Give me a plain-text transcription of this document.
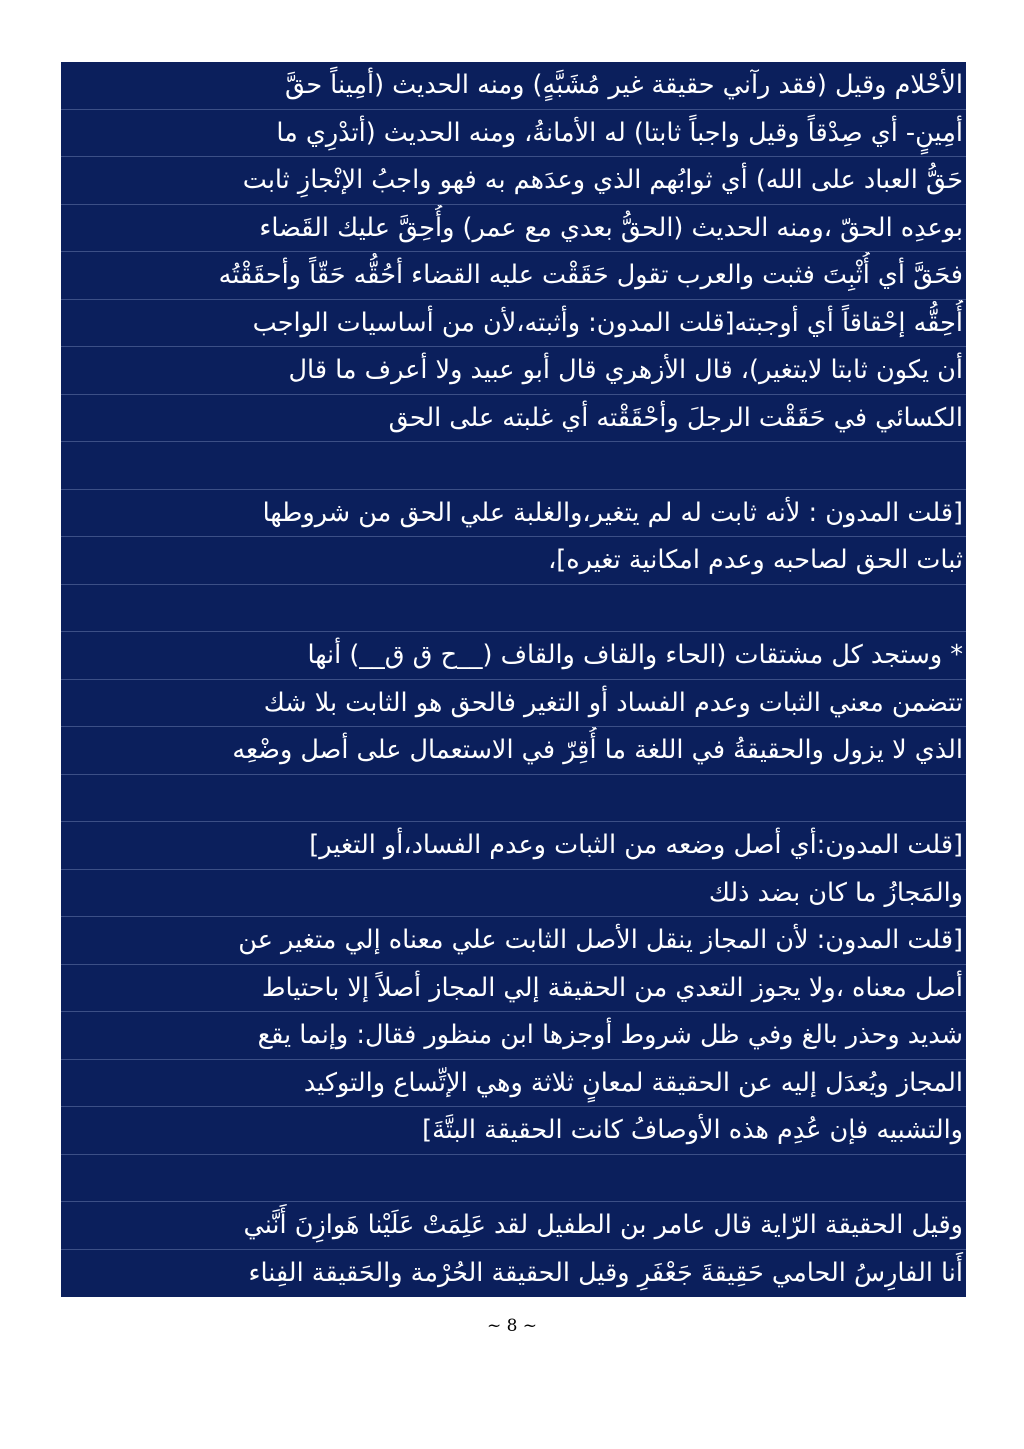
الأحْلام وقيل (فقد رآني حقيقة غير مُشَبَّهٍ) ومنه الحديث (أمِيناً حقَّ
أمِينٍ- أي صِدْقاً وقيل واجباً ثابتا) له الأمانةُ، ومنه الحديث (أتدْرِي ما
حَقُّ العباد على الله) أي ثوابُهم الذي وعدَهم به فهو واجبُ الإنْجازِ ثابت
بوعدِه الحقّ ،ومنه الحديث (الحقُّ بعدي مع عمر) وأُحِقَّ عليك القَضاء
فحَقَّ أي أُثْبِتَ فثبت والعرب تقول حَقَقْت عليه القضاء أحُقُّه حَقّاً وأحقَقْتُه
أُحِقُّه إحْقاقاً أي أوجبته[قلت المدون: وأثبته،لأن من أساسيات الواجب
أن يكون ثابتا لايتغير)، قال الأزهري قال أبو عبيد ولا أعرف ما قال
الكسائي في حَقَقْت الرجلَ وأحْقَقْته أي غلبته على الحق
[قلت المدون : لأنه ثابت له لم يتغير،والغلبة علي الحق من شروطها
ثبات الحق لصاحبه وعدم امكانية تغيره]،
* وستجد كل مشتقات (الحاء والقاف والقاف (__ح ق ق__) أنها
تتضمن معني الثبات وعدم الفساد أو التغير فالحق هو الثابت بلا شك
الذي لا يزول والحقيقةُ في اللغة ما أُقِرّ في الاستعمال على أصل وضْعِه
[قلت المدون:أي أصل وضعه من الثبات وعدم الفساد،أو التغير]
والمَجازُ ما كان بضد ذلك
[قلت المدون: لأن المجاز ينقل الأصل الثابت علي معناه إلي متغير عن
أصل معناه ،ولا يجوز التعدي من الحقيقة إلي المجاز أصلاً إلا باحتياط
شديد وحذر بالغ وفي ظل شروط أوجزها ابن منظور فقال: وإنما يقع
المجاز ويُعدَل إليه عن الحقيقة لمعانٍ ثلاثة وهي الإتِّساع والتوكيد
والتشبيه فإن عُدِم هذه الأوصافُ كانت الحقيقة البتَّةَ]
وقيل الحقيقة الرّاية قال عامر بن الطفيل لقد عَلِمَتْ عَلَيْنا هَوازِنَ أَنَّني
أَنا الفارِسُ الحامي حَقِيقةَ جَعْفَرِ وقيل الحقيقة الحُرْمة والحَقيقة الفِناء
~ 8 ~
